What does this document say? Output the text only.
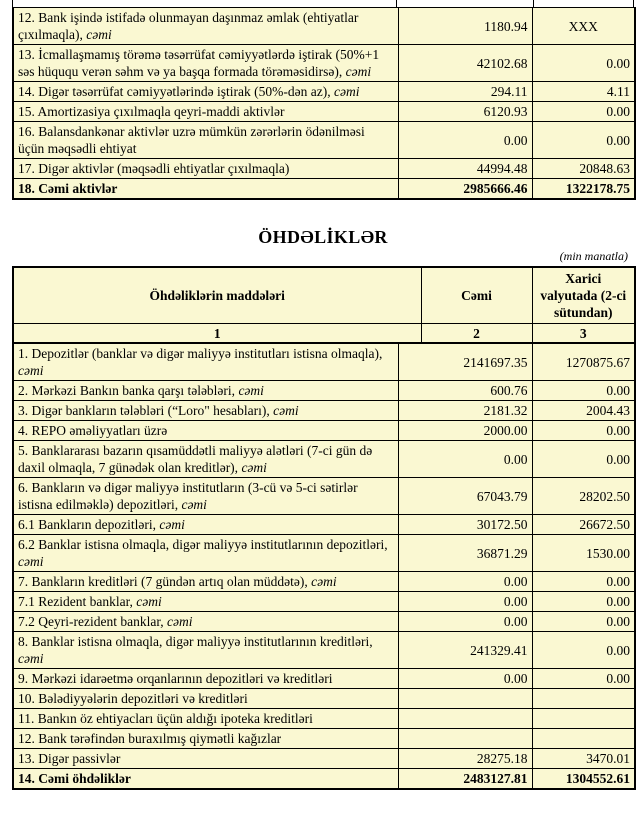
12. Bank işində istifadə olunmayan daşınmaz əmlak (ehtiyatlar çıxılmaqla), cəmi	1180.94	XXX
13. İcmallaşmamış törəmə təsərrüfat cəmiyyətlərdə iştirak (50%+1 səs hüququ verən səhm və ya başqa formada törəməsidirsə), cəmi	42102.68	0.00
14. Digər təsərrüfat cəmiyyətlərində iştirak (50%-dən az), cəmi	294.11	4.11
15. Amortizasiya çıxılmaqla qeyri-maddi aktivlər	6120.93	0.00
16. Balansdankənar aktivlər uzrə mümkün zərərlərin ödənilməsi üçün məqsədli ehtiyat	0.00	0.00
17. Digər aktivlər (məqsədli ehtiyatlar çıxılmaqla)	44994.48	20848.63
18. Cəmi aktivlər	2985666.46	1322178.75
ÖHDƏLİKLƏR
(min manatla)
Öhdəliklərin maddələri	Cəmi	Xarici valyutada (2-ci sütundan)
1	2	3
1. Depozitlər (banklar və digər maliyyə institutları istisna olmaqla), cəmi	2141697.35	1270875.67
2. Mərkəzi Bankın banka qarşı tələbləri, cəmi	600.76	0.00
3. Digər bankların tələbləri (“Loro" hesabları), cəmi	2181.32	2004.43
4. REPO əməliyyatları üzrə	2000.00	0.00
5. Banklararası bazarın qısamüddətli maliyyə alətləri (7-ci gün də daxil olmaqla, 7 günədək olan kreditlər), cəmi	0.00	0.00
6. Bankların və digər maliyyə institutların (3-cü və 5-ci sətirlər istisna edilməklə) depozitləri, cəmi	67043.79	28202.50
6.1 Bankların depozitləri, cəmi	30172.50	26672.50
6.2 Banklar istisna olmaqla, digər maliyyə institutlarının depozitləri, cəmi	36871.29	1530.00
7. Bankların kreditləri (7 gündən artıq olan müddətə), cəmi	0.00	0.00
7.1 Rezident banklar, cəmi	0.00	0.00
7.2 Qeyri-rezident banklar, cəmi	0.00	0.00
8. Banklar istisna olmaqla, digər maliyyə institutlarının kreditləri, cəmi	241329.41	0.00
9. Mərkəzi idarəetmə orqanlarının depozitləri və kreditləri	0.00	0.00
10. Bələdiyyələrin depozitləri və kreditləri		
11. Bankın öz ehtiyacları üçün aldığı ipoteka kreditləri		
12. Bank tərəfindən buraxılmış qiymətli kağızlar		
13. Digər passivlər	28275.18	3470.01
14. Cəmi öhdəliklər	2483127.81	1304552.61
